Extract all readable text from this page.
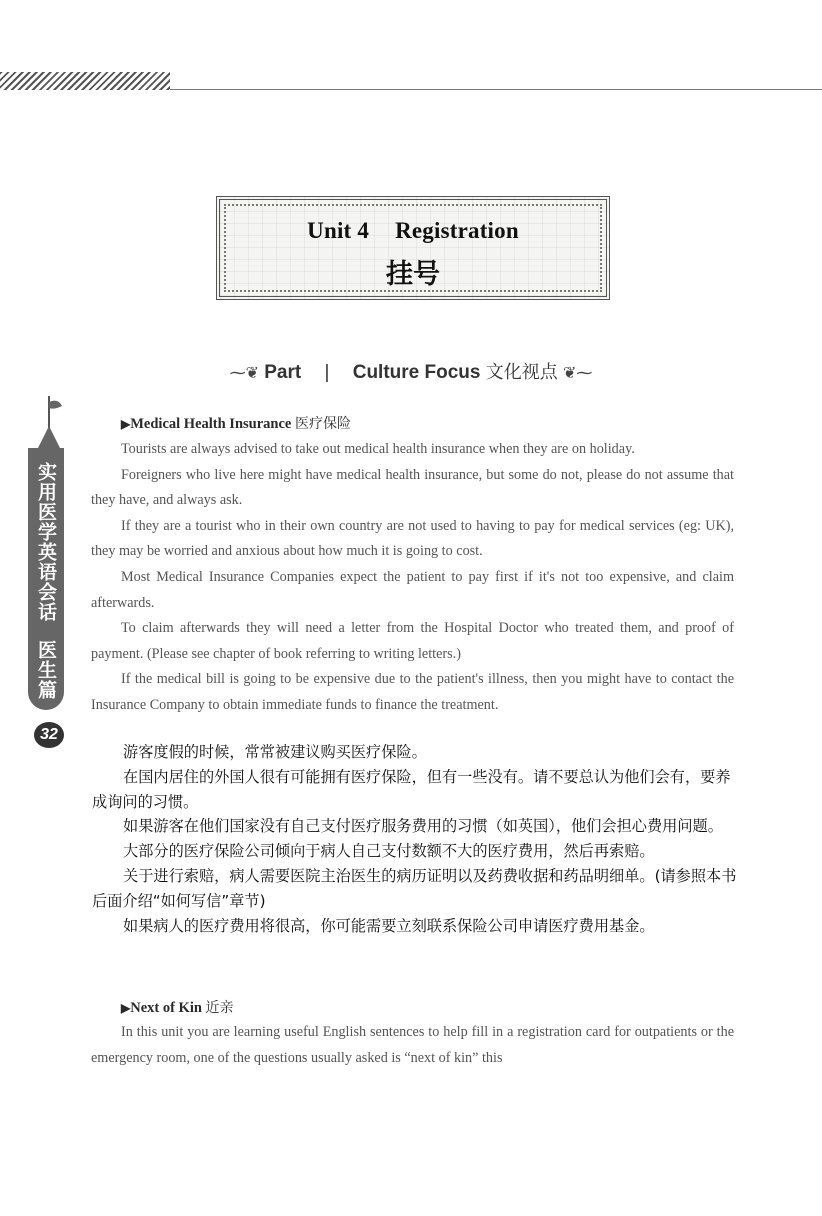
Unit 4 Registration
挂号
⁓❦ Part | Culture Focus 文化视点 ❦⁓
实用医学英语会话
医生篇
32
▶Medical Health Insurance 医疗保险

Tourists are always advised to take out medical health insurance when they are on holiday.

Foreigners who live here might have medical health insurance, but some do not, please do not assume that they have, and always ask.

If they are a tourist who in their own country are not used to having to pay for medical services (eg: UK), they may be worried and anxious about how much it is going to cost.

Most Medical Insurance Companies expect the patient to pay first if it's not too expensive, and claim afterwards.

To claim afterwards they will need a letter from the Hospital Doctor who treated them, and proof of payment. (Please see chapter of book referring to writing letters.)

If the medical bill is going to be expensive due to the patient's illness, then you might have to contact the Insurance Company to obtain immediate funds to finance the treatment.

游客度假的时候，常常被建议购买医疗保险。

在国内居住的外国人很有可能拥有医疗保险，但有一些没有。请不要总认为他们会有，要养成询问的习惯。

如果游客在他们国家没有自己支付医疗服务费用的习惯（如英国），他们会担心费用问题。

大部分的医疗保险公司倾向于病人自己支付数额不大的医疗费用，然后再索赔。

关于进行索赔，病人需要医院主治医生的病历证明以及药费收据和药品明细单。(请参照本书后面介绍“如何写信”章节)

如果病人的医疗费用将很高，你可能需要立刻联系保险公司申请医疗费用基金。

▶Next of Kin 近亲

In this unit you are learning useful English sentences to help fill in a registration card for outpatients or the emergency room, one of the questions usually asked is “next of kin” this
